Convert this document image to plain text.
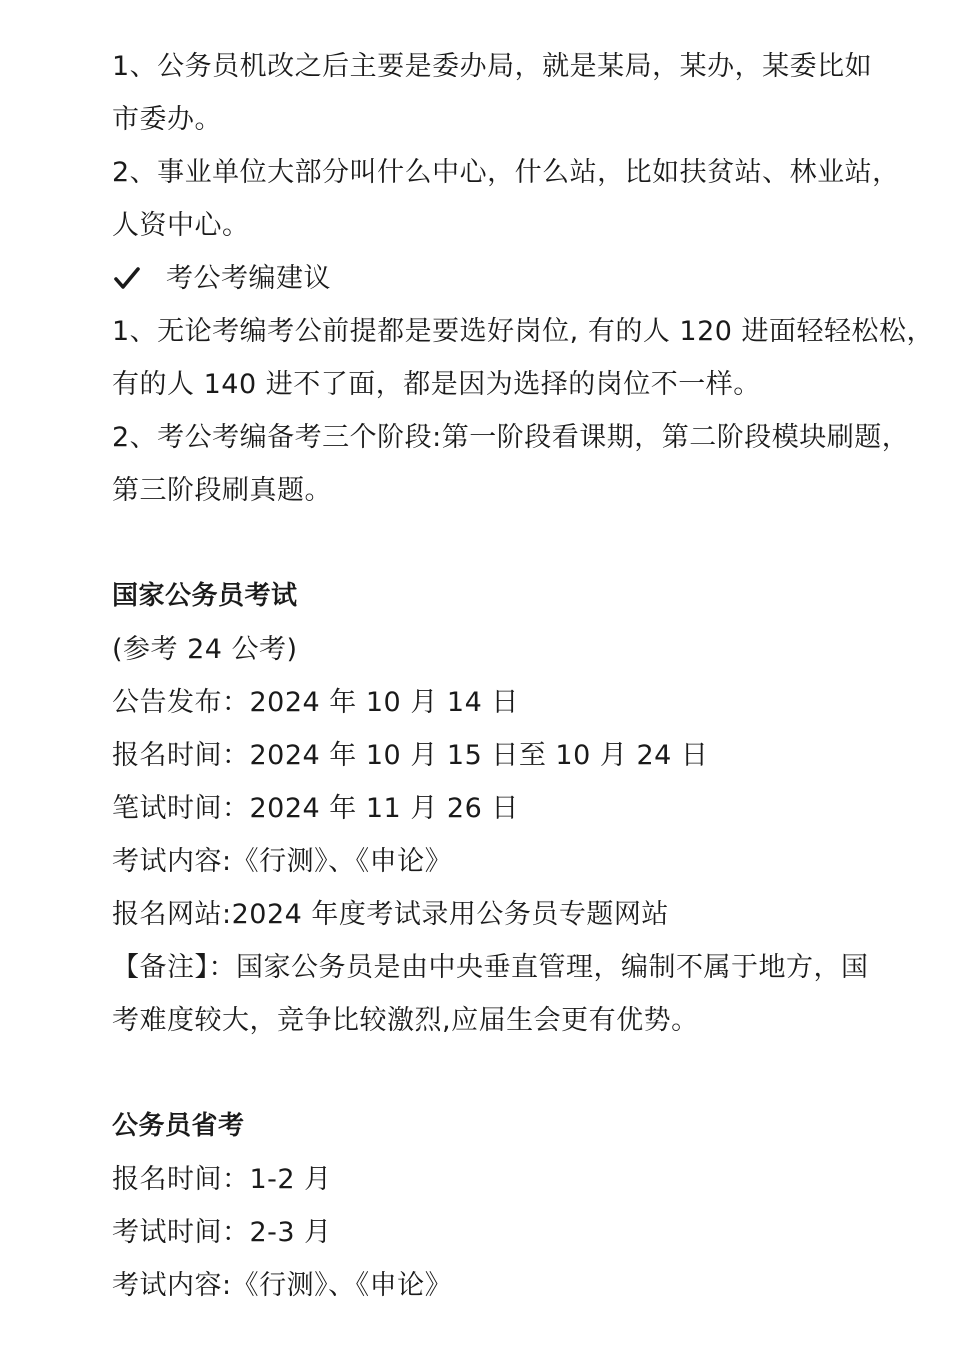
1、公务员机改之后主要是委办局，就是某局，某办，某委比如
市委办。
2、事业单位大部分叫什么中心，什么站，比如扶贫站、林业站，
人资中心。
考公考编建议
1、无论考编考公前提都是要选好岗位, 有的人 120 进面轻轻松松，
有的人 140 进不了面，都是因为选择的岗位不一样。
2、考公考编备考三个阶段:第一阶段看课期，第二阶段模块刷题，
第三阶段刷真题。
国家公务员考试
(参考 24 公考)
公告发布：2024 年 10 月 14 日
报名时间：2024 年 10 月 15 日至 10 月 24 日
笔试时间：2024 年 11 月 26 日
考试内容:《行测》、《申论》
报名网站:2024 年度考试录用公务员专题网站
【备注】：国家公务员是由中央垂直管理，编制不属于地方，国
考难度较大，竞争比较激烈,应届生会更有优势。
公务员省考
报名时间：1-2 月
考试时间：2-3 月
考试内容:《行测》、《申论》
